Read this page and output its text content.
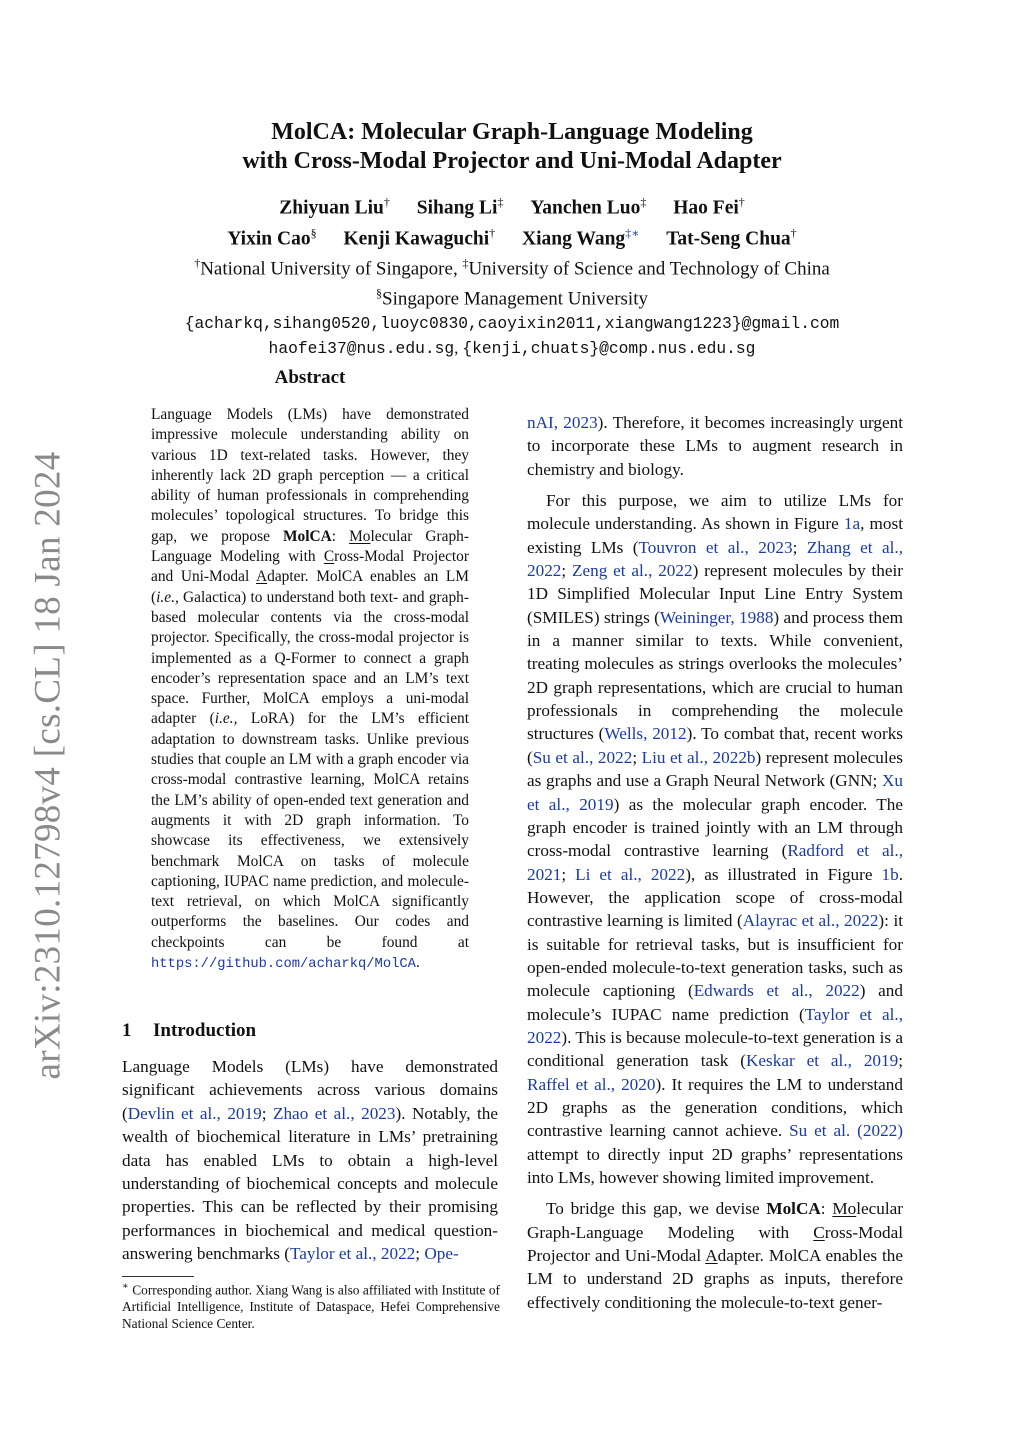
arXiv:2310.12798v4 [cs.CL] 18 Jan 2024

MolCA: Molecular Graph-Language Modeling

with Cross-Modal Projector and Uni-Modal Adapter

Zhiyuan Liu† Sihang Li‡ Yanchen Luo‡ Hao Fei†
Yixin Cao§ Kenji Kawaguchi† Xiang Wang‡∗ Tat-Seng Chua†
†National University of Singapore, ‡University of Science and Technology of China
§Singapore Management University
{acharkq,sihang0520,luoyc0830,caoyixin2011,xiangwang1223}@gmail.com
haofei37@nus.edu.sg, {kenji,chuats}@comp.nus.edu.sg
Abstract
Language Models (LMs) have demonstrated impressive molecule understanding ability on various 1D text-related tasks. However, they inherently lack 2D graph perception — a critical ability of human professionals in comprehending molecules’ topological structures. To bridge this gap, we propose MolCA: Molecular Graph-Language Modeling with Cross-Modal Projector and Uni-Modal Adapter. MolCA enables an LM (i.e., Galactica) to understand both text- and graph-based molecular contents via the cross-modal projector. Specifically, the cross-modal projector is implemented as a Q-Former to connect a graph encoder’s representation space and an LM’s text space. Further, MolCA employs a uni-modal adapter (i.e., LoRA) for the LM’s efficient adaptation to downstream tasks. Unlike previous studies that couple an LM with a graph encoder via cross-modal contrastive learning, MolCA retains the LM’s ability of open-ended text generation and augments it with 2D graph information. To showcase its effectiveness, we extensively benchmark MolCA on tasks of molecule captioning, IUPAC name prediction, and molecule-text retrieval, on which MolCA significantly outperforms the baselines. Our codes and checkpoints can be found at https://github.com/acharkq/MolCA.
1 Introduction

Language Models (LMs) have demonstrated significant achievements across various domains (Devlin et al., 2019; Zhao et al., 2023). Notably, the wealth of biochemical literature in LMs’ pretraining data has enabled LMs to obtain a high-level understanding of biochemical concepts and molecule properties. This can be reflected by their promising performances in biochemical and medical question-answering benchmarks (Taylor et al., 2022; Ope-

∗ Corresponding author. Xiang Wang is also affiliated with Institute of Artificial Intelligence, Institute of Dataspace, Hefei Comprehensive National Science Center.

nAI, 2023). Therefore, it becomes increasingly urgent to incorporate these LMs to augment research in chemistry and biology.

For this purpose, we aim to utilize LMs for molecule understanding. As shown in Figure 1a, most existing LMs (Touvron et al., 2023; Zhang et al., 2022; Zeng et al., 2022) represent molecules by their 1D Simplified Molecular Input Line Entry System (SMILES) strings (Weininger, 1988) and process them in a manner similar to texts. While convenient, treating molecules as strings overlooks the molecules’ 2D graph representations, which are crucial to human professionals in comprehending the molecule structures (Wells, 2012). To combat that, recent works (Su et al., 2022; Liu et al., 2022b) represent molecules as graphs and use a Graph Neural Network (GNN; Xu et al., 2019) as the molecular graph encoder. The graph encoder is trained jointly with an LM through cross-modal contrastive learning (Radford et al., 2021; Li et al., 2022), as illustrated in Figure 1b. However, the application scope of cross-modal contrastive learning is limited (Alayrac et al., 2022): it is suitable for retrieval tasks, but is insufficient for open-ended molecule-to-text generation tasks, such as molecule captioning (Edwards et al., 2022) and molecule’s IUPAC name prediction (Taylor et al., 2022). This is because molecule-to-text generation is a conditional generation task (Keskar et al., 2019; Raffel et al., 2020). It requires the LM to understand 2D graphs as the generation conditions, which contrastive learning cannot achieve. Su et al. (2022) attempt to directly input 2D graphs’ representations into LMs, however showing limited improvement.

To bridge this gap, we devise MolCA: Molecular Graph-Language Modeling with Cross-Modal Projector and Uni-Modal Adapter. MolCA enables the LM to understand 2D graphs as inputs, therefore effectively conditioning the molecule-to-text gener-
